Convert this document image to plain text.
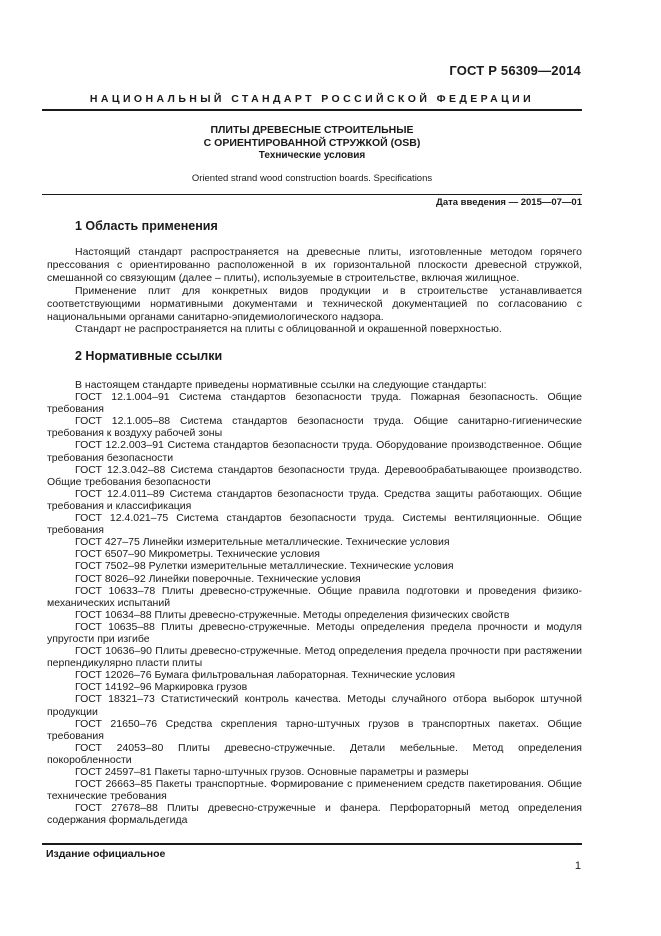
ГОСТ Р 56309—2014
НАЦИОНАЛЬНЫЙ СТАНДАРТ РОССИЙСКОЙ ФЕДЕРАЦИИ
ПЛИТЫ ДРЕВЕСНЫЕ СТРОИТЕЛЬНЫЕ
С ОРИЕНТИРОВАННОЙ СТРУЖКОЙ (OSB)
Технические условия
Oriented strand wood construction boards. Specifications
Дата введения — 2015—07—01
1 Область применения

Настоящий стандарт распространяется на древесные плиты, изготовленные методом горячего прессования с ориентированно расположенной в их горизонтальной плоскости древесной стружкой, смешанной со связующим (далее – плиты), используемые в строительстве, включая жилищное.

Применение плит для конкретных видов продукции и в строительстве устанавливается соответствующими нормативными документами и технической документацией по согласованию с национальными органами санитарно-эпидемиологического надзора.

Стандарт не распространяется на плиты с облицованной и окрашенной поверхностью.

2 Нормативные ссылки

В настоящем стандарте приведены нормативные ссылки на следующие стандарты:

ГОСТ 12.1.004–91 Система стандартов безопасности труда. Пожарная безопасность. Общие требования

ГОСТ 12.1.005–88 Система стандартов безопасности труда. Общие санитарно-гигиенические требования к воздуху рабочей зоны

ГОСТ 12.2.003–91 Система стандартов безопасности труда. Оборудование производственное. Общие требования безопасности

ГОСТ 12.3.042–88 Система стандартов безопасности труда. Деревообрабатывающее производство. Общие требования безопасности

ГОСТ 12.4.011–89 Система стандартов безопасности труда. Средства защиты работающих. Общие требования и классификация

ГОСТ 12.4.021–75 Система стандартов безопасности труда. Системы вентиляционные. Общие требования

ГОСТ 427–75 Линейки измерительные металлические. Технические условия

ГОСТ 6507–90 Микрометры. Технические условия

ГОСТ 7502–98 Рулетки измерительные металлические. Технические условия

ГОСТ 8026–92 Линейки поверочные. Технические условия

ГОСТ 10633–78 Плиты древесно-стружечные. Общие правила подготовки и проведения физико-механических испытаний

ГОСТ 10634–88 Плиты древесно-стружечные. Методы определения физических свойств

ГОСТ 10635–88 Плиты древесно-стружечные. Методы определения предела прочности и модуля упругости при изгибе

ГОСТ 10636–90 Плиты древесно-стружечные. Метод определения предела прочности при растяжении перпендикулярно пласти плиты

ГОСТ 12026–76 Бумага фильтровальная лабораторная. Технические условия

ГОСТ 14192–96 Маркировка грузов

ГОСТ 18321–73 Статистический контроль качества. Методы случайного отбора выборок штучной продукции

ГОСТ 21650–76 Средства скрепления тарно-штучных грузов в транспортных пакетах. Общие требования

ГОСТ 24053–80 Плиты древесно-стружечные. Детали мебельные. Метод определения покоробленности

ГОСТ 24597–81 Пакеты тарно-штучных грузов. Основные параметры и размеры

ГОСТ 26663–85 Пакеты транспортные. Формирование с применением средств пакетирования. Общие технические требования

ГОСТ 27678–88 Плиты древесно-стружечные и фанера. Перфораторный метод определения содержания формальдегида

Издание официальное
1
